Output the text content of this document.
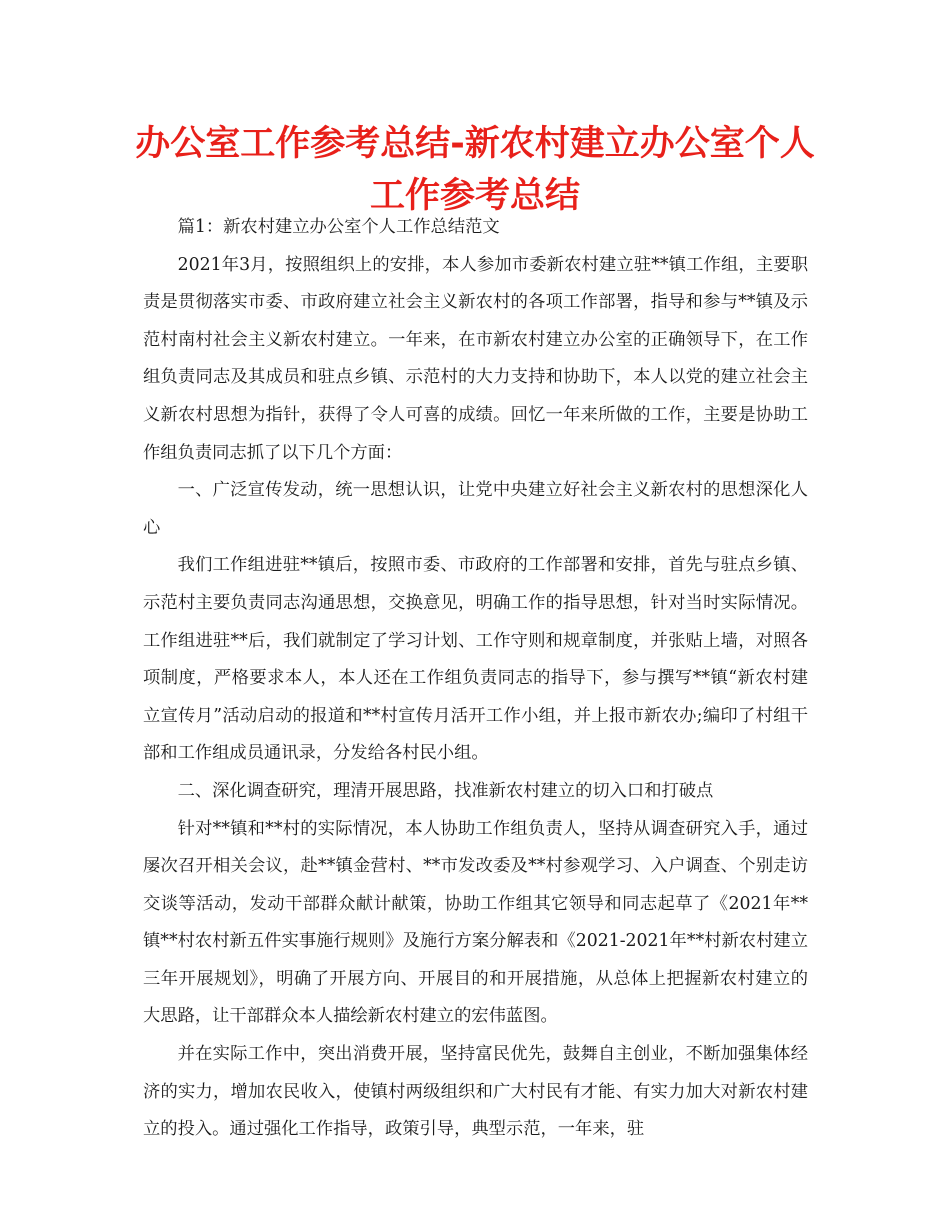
办公室工作参考总结-新农村建立办公室个人工作参考总结

篇1：新农村建立办公室个人工作总结范文

2021年3月，按照组织上的安排，本人参加市委新农村建立驻**镇工作组，主要职责是贯彻落实市委、市政府建立社会主义新农村的各项工作部署，指导和参与**镇及示范村南村社会主义新农村建立。一年来，在市新农村建立办公室的正确领导下，在工作组负责同志及其成员和驻点乡镇、示范村的大力支持和协助下，本人以党的建立社会主义新农村思想为指针，获得了令人可喜的成绩。回忆一年来所做的工作，主要是协助工作组负责同志抓了以下几个方面：

一、广泛宣传发动，统一思想认识，让党中央建立好社会主义新农村的思想深化人心

我们工作组进驻**镇后，按照市委、市政府的工作部署和安排，首先与驻点乡镇、示范村主要负责同志沟通思想，交换意见，明确工作的指导思想，针对当时实际情况。工作组进驻**后，我们就制定了学习计划、工作守则和规章制度，并张贴上墙，对照各项制度，严格要求本人，本人还在工作组负责同志的指导下，参与撰写**镇“新农村建立宣传月”活动启动的报道和**村宣传月活开工作小组，并上报市新农办;编印了村组干部和工作组成员通讯录，分发给各村民小组。

二、深化调查研究，理清开展思路，找准新农村建立的切入口和打破点

针对**镇和**村的实际情况，本人协助工作组负责人，坚持从调查研究入手，通过屡次召开相关会议，赴**镇金营村、**市发改委及**村参观学习、入户调查、个别走访交谈等活动，发动干部群众献计献策，协助工作组其它领导和同志起草了《2021年**镇**村农村新五件实事施行规则》及施行方案分解表和《2021-2021年**村新农村建立三年开展规划》，明确了开展方向、开展目的和开展措施，从总体上把握新农村建立的大思路，让干部群众本人描绘新农村建立的宏伟蓝图。

并在实际工作中，突出消费开展，坚持富民优先，鼓舞自主创业，不断加强集体经济的实力，增加农民收入，使镇村两级组织和广大村民有才能、有实力加大对新农村建立的投入。通过强化工作指导，政策引导，典型示范，一年来，驻
